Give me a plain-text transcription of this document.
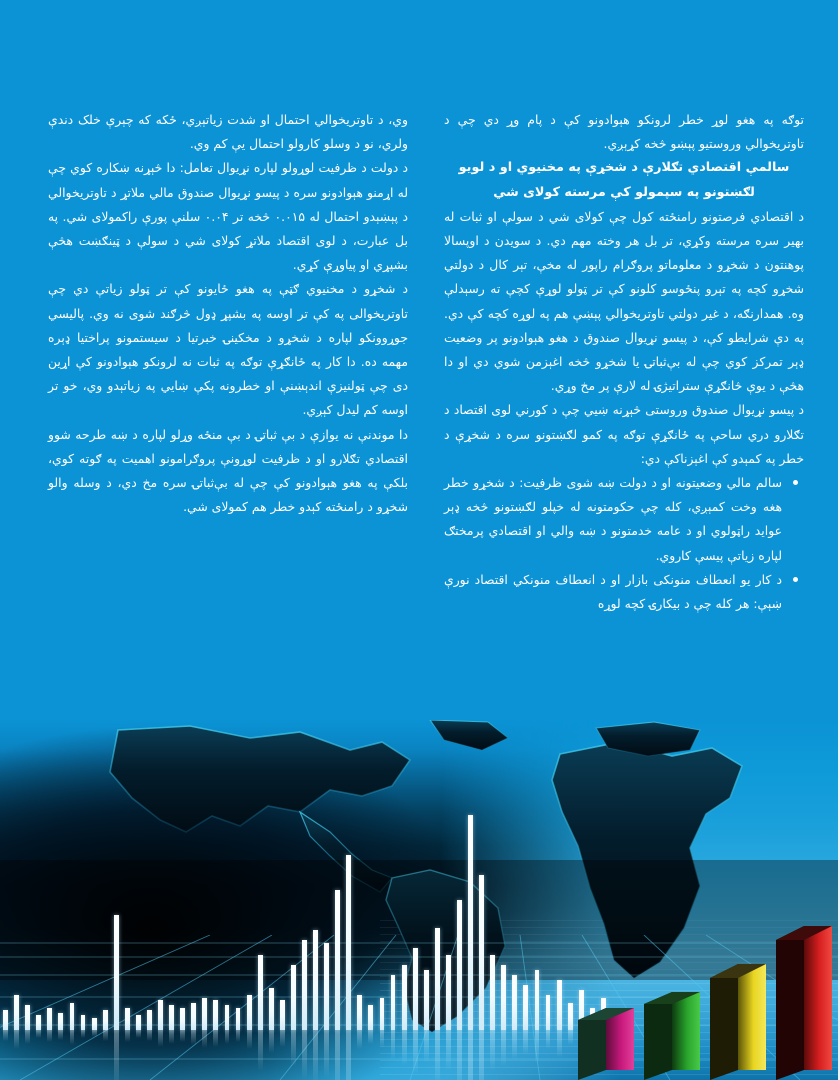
توګه په هغو لوړ خطر لرونکو هېوادونو کې د پام وړ دي چې د تاوتریخوالي وروستیو پېښو څخه کړېږي.

سالمې اقتصادي تګلارې د شخړې په مخنیوي او د لویو لګښتونو په سپمولو کې مرسته کولای شي

د اقتصادي فرصتونو رامنځته کول چې کولای شي د سولې او ثبات له بهیر سره مرسته وکړي، تر بل هر وخته مهم دي. د سویدن د اوپسالا پوهنتون د شخړو د معلوماتو پروګرام راپور له مخې، تېر کال د دولتي شخړو کچه په تېرو پنځوسو کلونو کې تر ټولو لوړې کچې ته رسېدلې وه. همدارنګه، د غیر دولتي تاوتریخوالي پېښې هم په لوړه کچه کې دي. په دې شرایطو کې، د پیسو نړیوال صندوق د هغو هېوادونو پر وضعیت ډېر تمرکز کوي چې له بې‌ثباتۍ یا شخړو څخه اغېزمن شوي دي او دا هڅې د یوې څانګړې ستراتیژۍ له لارې پر مخ وړي.

د پیسو نړیوال صندوق وروستی څېړنه ښیي چې د کورني لوی اقتصاد د تګلارو دري ساحې په ځانګړې توګه په کمو لګښتونو سره د شخړې د خطر په کمېدو کې اغېزناکې دي:

سالم مالي وضعیتونه او د دولت ښه شوی ظرفیت: د شخړو خطر هغه وخت کمېږي، کله چې حکومتونه له خپلو لګښتونو څخه ډېر عواید راټولوي او د عامه خدمتونو د ښه والي او اقتصادي پرمختګ لپاره زیاتې پیسې کاروي.
د کار یو انعطاف منونکی بازار او د انعطاف منونکي اقتصاد نورې ښېې: هر کله چې د بیکارۍ کچه لوړه

وي، د تاوتریخوالي احتمال او شدت زیاتېږي، ځکه که چېرې خلک دندې ولري، نو د وسلو کارولو احتمال یې کم وي.

د دولت د ظرفیت لوړولو لپاره نړیوال تعامل: دا څېړنه ښکاره کوي چې له اړمنو هېوادونو سره د پیسو نړیوال صندوق مالي ملاتړ د تاوتریخوالي د پېښېدو احتمال له ۰.۰۱۵ څخه تر ۰.۰۴ سلنې پورې راکمولای شي. په بل عبارت، د لوی اقتصاد ملاتړ کولای شي د سولې د ټینګښت هڅې بشپړي او پیاوړې کړي.

د شخړو د مخنیوي ګټې په هغو ځایونو کې تر ټولو زیاتې دي چې تاوتریخوالی په کې تر اوسه په بشپړ ډول څرګند شوی نه وي. پالیسي جوړوونکو لپاره د شخړو د مخکینۍ خبرتیا د سیستمونو پراختیا ډېره مهمه ده. دا کار په ځانګړې توګه په ثبات نه لرونکو هېوادونو کې اړین دی چې ټولنیزې اندېښنې او خطرونه پکې ښایي په زیاتېدو وي، خو تر اوسه کم لیدل کېږي.

دا موندنې نه یوازې د بې ثباتۍ د بې منځه وړلو لپاره د ښه طرحه شوو اقتصادي تګلارو او د ظرفیت لوړونې پروګرامونو اهمیت په ګوته کوي، بلکې په هغو هېوادونو کې چې له بې‌ثباتۍ سره مخ دي، د وسله والو شخړو د رامنځته کېدو خطر هم کمولای شي.
